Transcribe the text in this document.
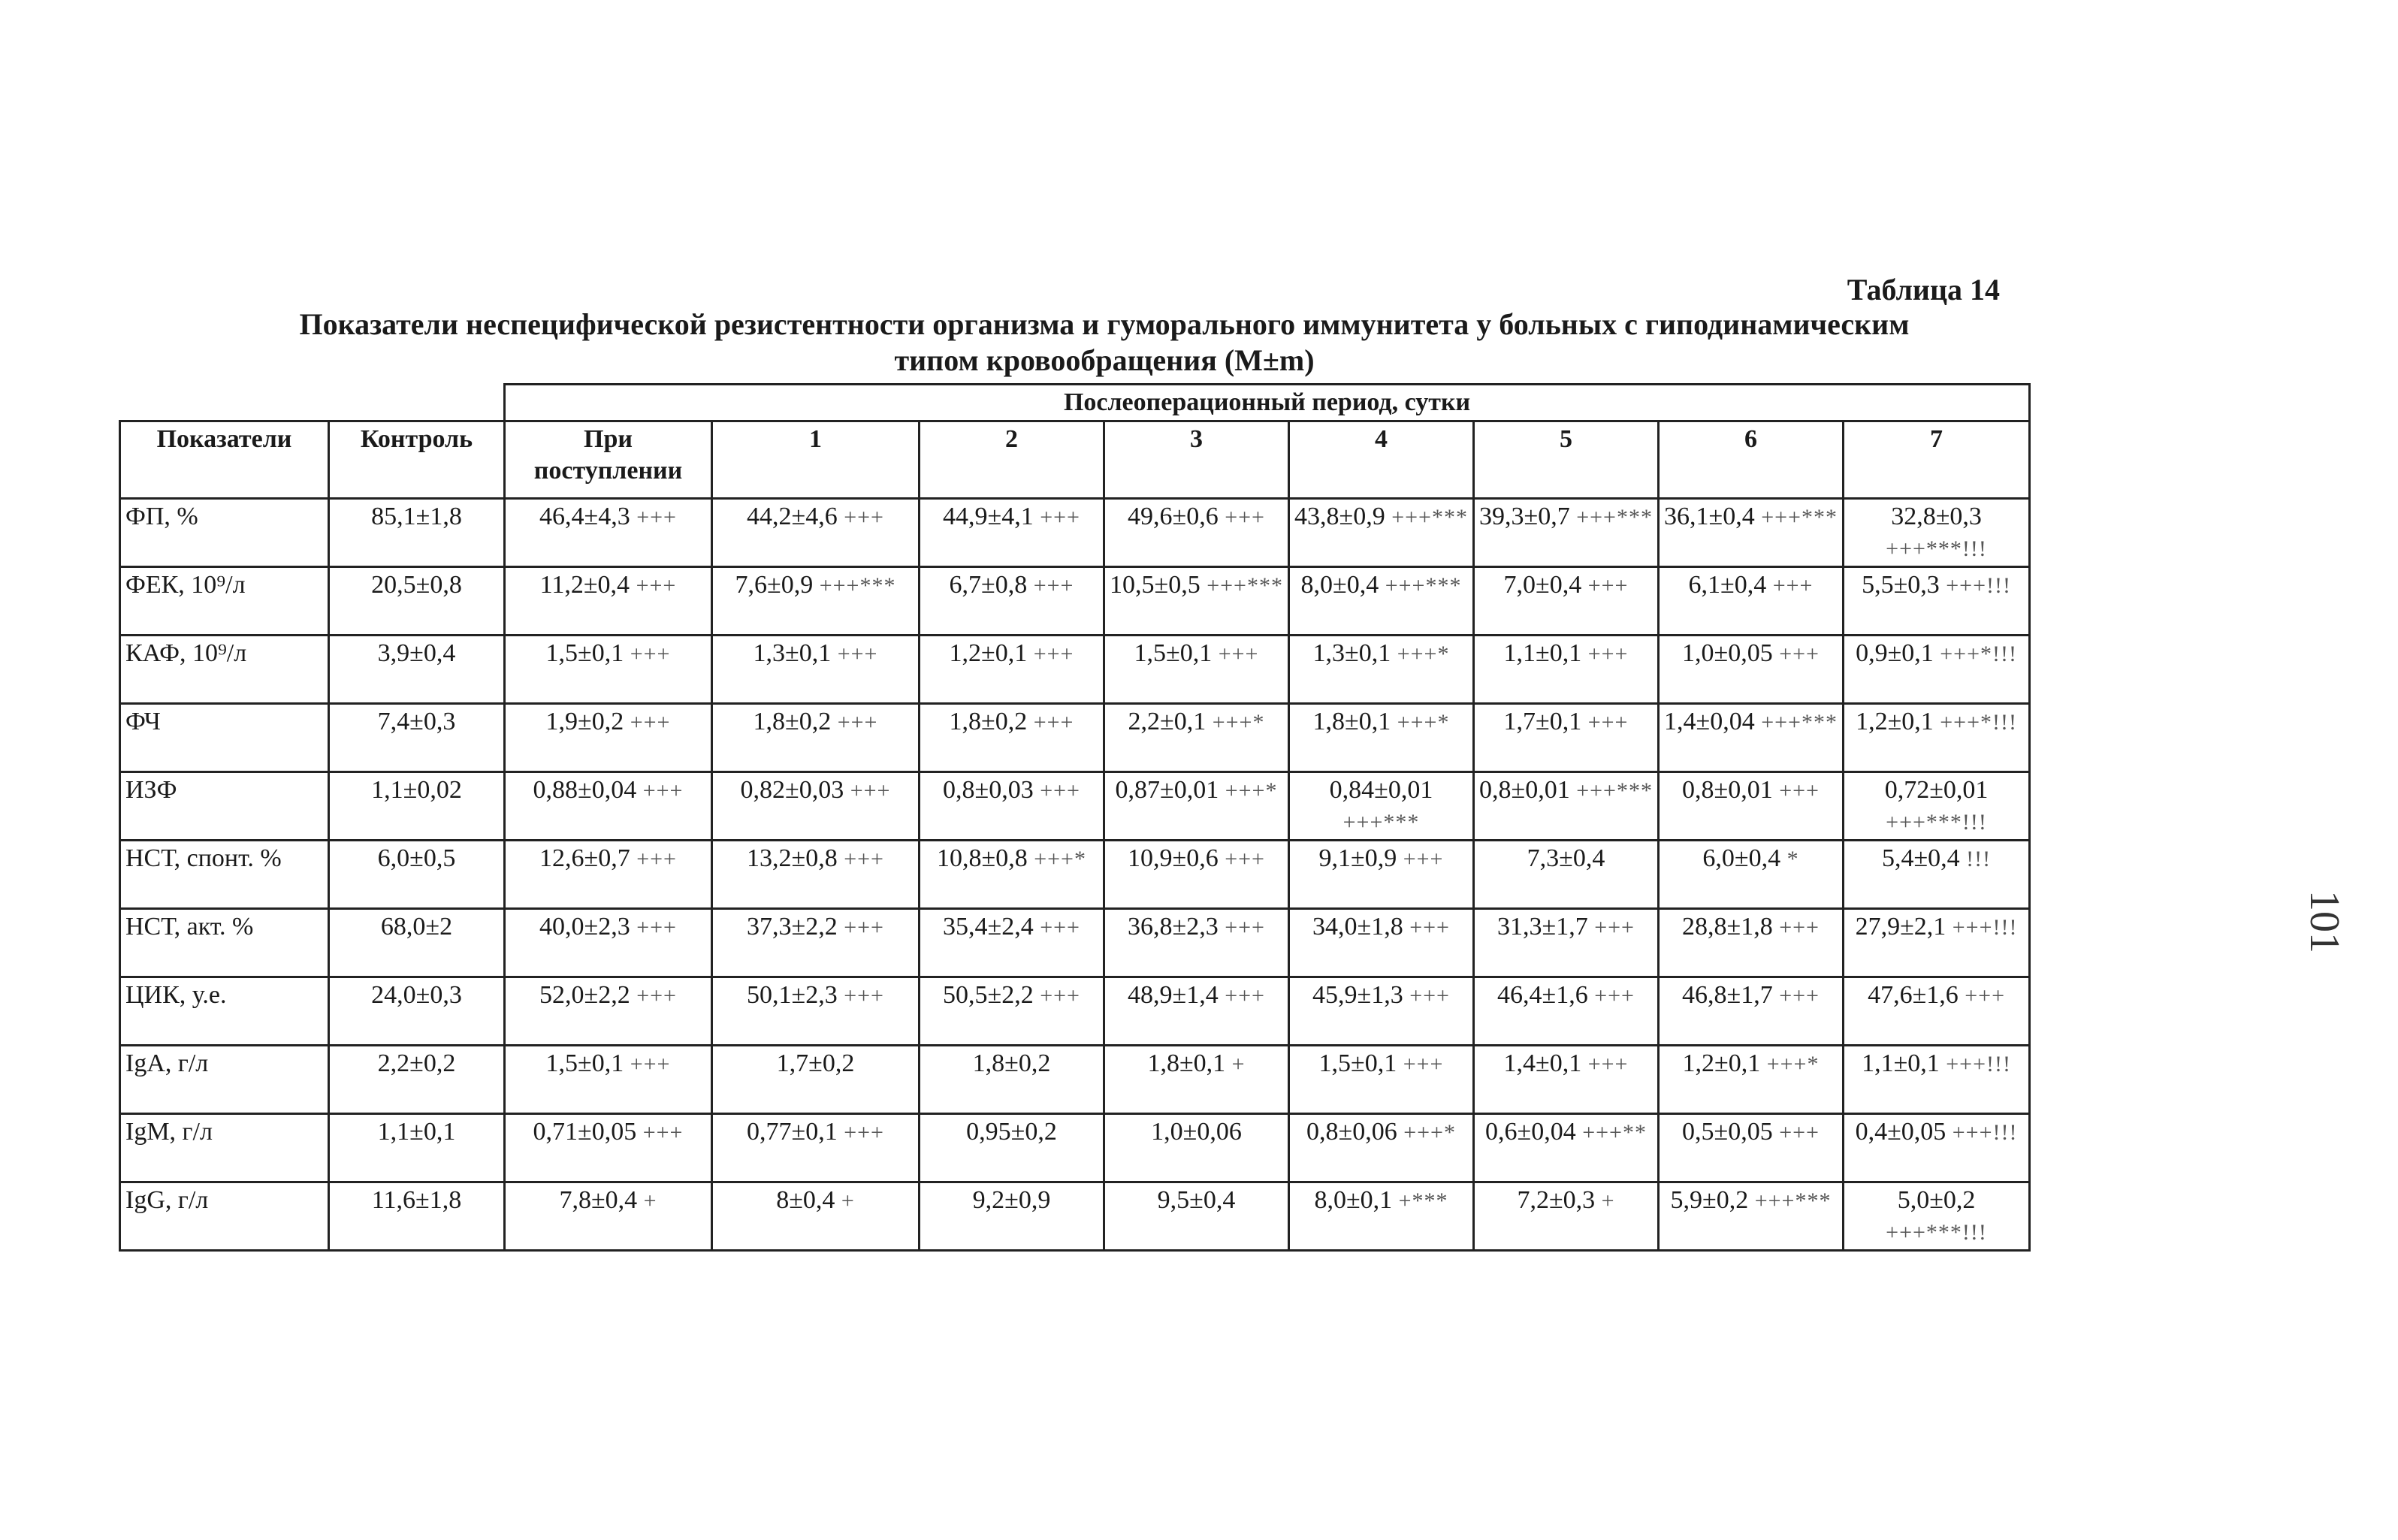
Таблица 14
Показатели неспецифической резистентности организма и гуморального иммунитета у больных с гиподинамическим
типом кровообращения (M±m)
		Послеоперационный период, сутки							
Показатели	Контроль	При поступлении	1	2	3	4	5	6	7
ФП, %	85,1±1,8	46,4±4,3 +++	44,2±4,6 +++	44,9±4,1 +++	49,6±0,6 +++	43,8±0,9 +++***	39,3±0,7 +++***	36,1±0,4 +++***	32,8±0,3 +++***!!!
ФЕК, 10⁹/л	20,5±0,8	11,2±0,4 +++	7,6±0,9 +++***	6,7±0,8 +++	10,5±0,5 +++***	8,0±0,4 +++***	7,0±0,4 +++	6,1±0,4 +++	5,5±0,3 +++!!!
КАФ, 10⁹/л	3,9±0,4	1,5±0,1 +++	1,3±0,1 +++	1,2±0,1 +++	1,5±0,1 +++	1,3±0,1 +++*	1,1±0,1 +++	1,0±0,05 +++	0,9±0,1 +++*!!!
ФЧ	7,4±0,3	1,9±0,2 +++	1,8±0,2 +++	1,8±0,2 +++	2,2±0,1 +++*	1,8±0,1 +++*	1,7±0,1 +++	1,4±0,04 +++***	1,2±0,1 +++*!!!
ИЗФ	1,1±0,02	0,88±0,04 +++	0,82±0,03 +++	0,8±0,03 +++	0,87±0,01 +++*	0,84±0,01 +++***	0,8±0,01 +++***	0,8±0,01 +++	0,72±0,01 +++***!!!
НСТ, спонт. %	6,0±0,5	12,6±0,7 +++	13,2±0,8 +++	10,8±0,8 +++*	10,9±0,6 +++	9,1±0,9 +++	7,3±0,4	6,0±0,4 *	5,4±0,4 !!!
НСТ, акт. %	68,0±2	40,0±2,3 +++	37,3±2,2 +++	35,4±2,4 +++	36,8±2,3 +++	34,0±1,8 +++	31,3±1,7 +++	28,8±1,8 +++	27,9±2,1 +++!!!
ЦИК, у.е.	24,0±0,3	52,0±2,2 +++	50,1±2,3 +++	50,5±2,2 +++	48,9±1,4 +++	45,9±1,3 +++	46,4±1,6 +++	46,8±1,7 +++	47,6±1,6 +++
IgA, г/л	2,2±0,2	1,5±0,1 +++	1,7±0,2	1,8±0,2	1,8±0,1 +	1,5±0,1 +++	1,4±0,1 +++	1,2±0,1 +++*	1,1±0,1 +++!!!
IgM, г/л	1,1±0,1	0,71±0,05 +++	0,77±0,1 +++	0,95±0,2	1,0±0,06	0,8±0,06 +++*	0,6±0,04 +++**	0,5±0,05 +++	0,4±0,05 +++!!!
IgG, г/л	11,6±1,8	7,8±0,4 +	8±0,4 +	9,2±0,9	9,5±0,4	8,0±0,1 +***	7,2±0,3 +	5,9±0,2 +++***	5,0±0,2 +++***!!!
101
